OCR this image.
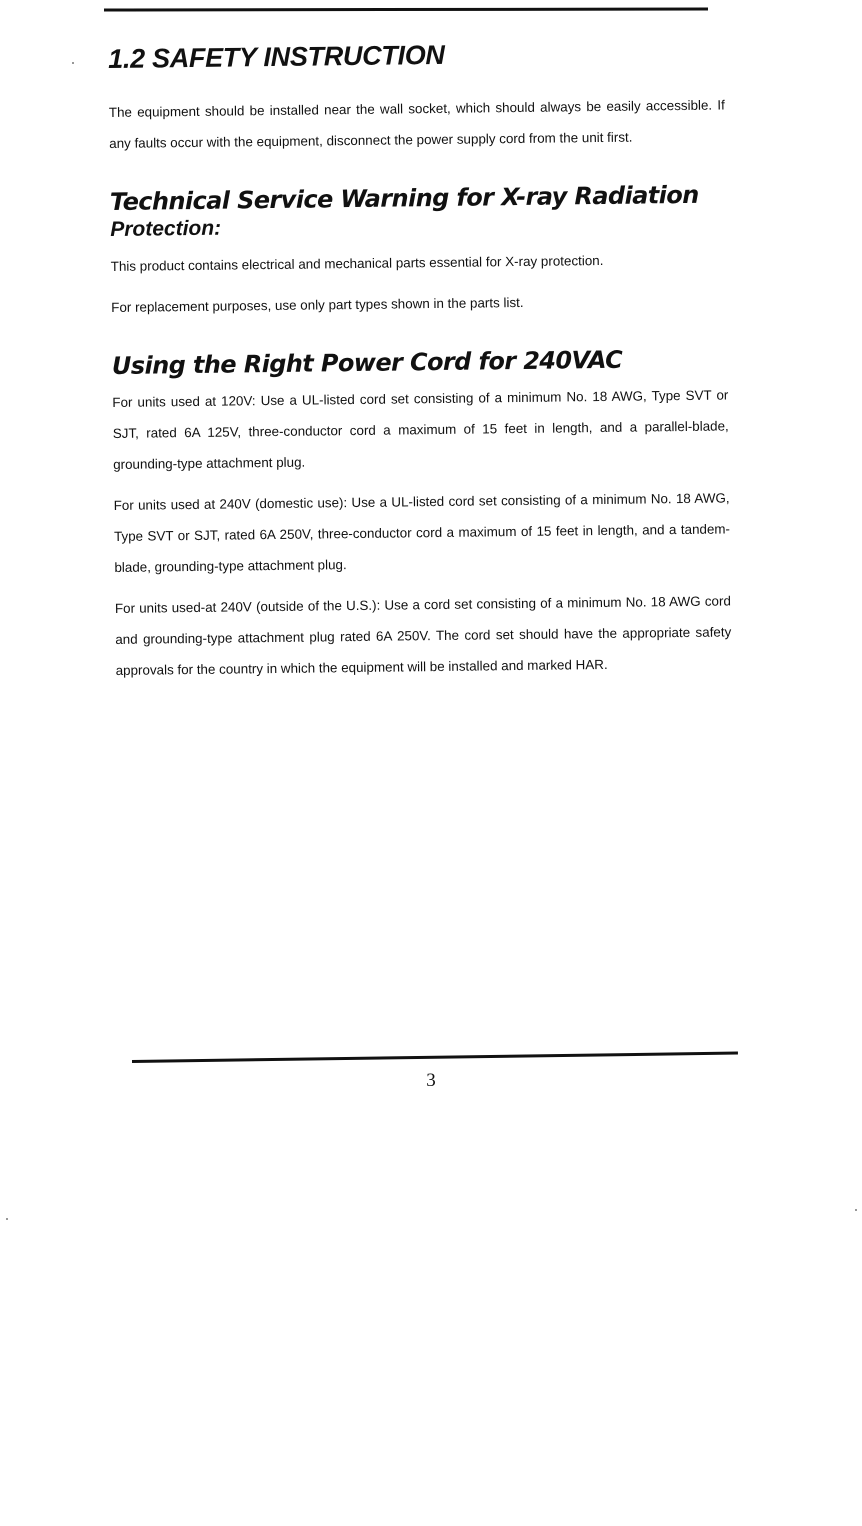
1.2 SAFETY INSTRUCTION

The equipment should be installed near the wall socket, which should always be easily accessible. If any faults occur with the equipment, disconnect the power supply cord from the unit first.

Technical Service Warning for X-ray Radiation
Protection:

This product contains electrical and mechanical parts essential for X-ray protection.

For replacement purposes, use only part types shown in the parts list.

Using the Right Power Cord for 240VAC

For units used at 120V: Use a UL-listed cord set consisting of a minimum No. 18 AWG, Type SVT or SJT, rated 6A 125V, three-conductor cord a maximum of 15 feet in length, and a parallel-blade, grounding-type attachment plug.

For units used at 240V (domestic use): Use a UL-listed cord set consisting of a minimum No. 18 AWG, Type SVT or SJT, rated 6A 250V, three-conductor cord a maximum of 15 feet in length, and a tandem-blade, grounding-type attachment plug.

For units used-at 240V (outside of the U.S.): Use a cord set consisting of a minimum No. 18 AWG cord and grounding-type attachment plug rated 6A 250V. The cord set should have the appropriate safety approvals for the country in which the equipment will be installed and marked HAR.

3
